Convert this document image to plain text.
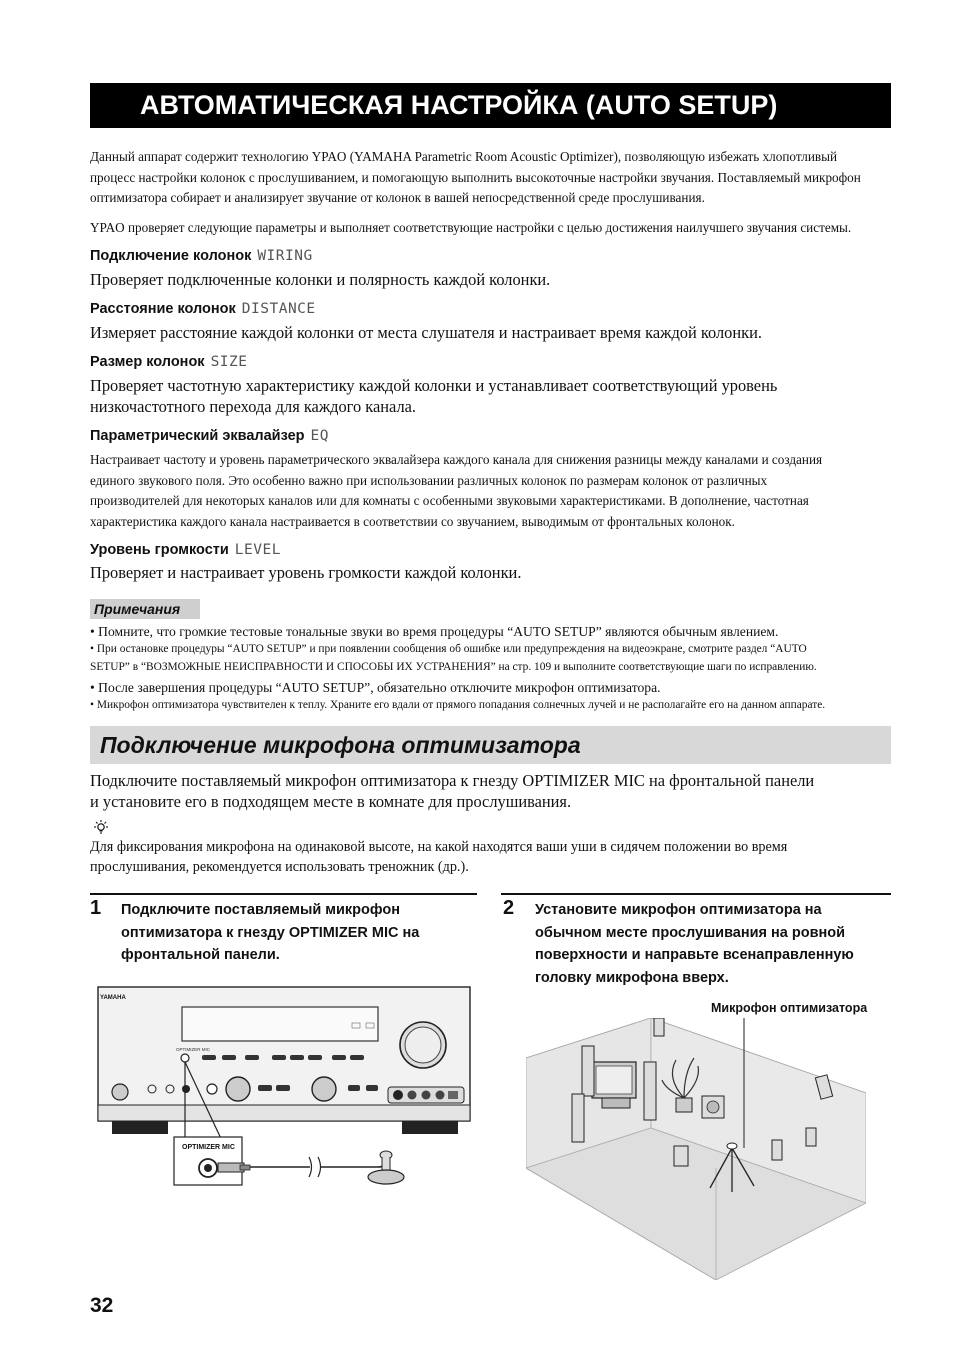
АВТОМАТИЧЕСКАЯ НАСТРОЙКА (AUTO SETUP)
Данный аппарат содержит технологию YPAO (YAMAHA Parametric Room Acoustic Optimizer), позволяющую избежать хлопотливый
процесс настройки колонок с прослушиванием, и помогающую выполнить высокоточные настройки звучания. Поставляемый микрофон
оптимизатора собирает и анализирует звучание от колонок в вашей непосредственной среде прослушивания.
YPAO проверяет следующие параметры и выполняет соответствующие настройки с целью достижения наилучшего звучания системы.
Подключение колонок WIRING
Проверяет подключенные колонки и полярность каждой колонки.
Расстояние колонок DISTANCE
Измеряет расстояние каждой колонки от места слушателя и настраивает время каждой колонки.
Размер колонок SIZE
Проверяет частотную характеристику каждой колонки и устанавливает соответствующий уровень
низкочастотного перехода для каждого канала.
Параметрический эквалайзер EQ
Настраивает частоту и уровень параметрического эквалайзера каждого канала для снижения разницы между каналами и создания
единого звукового поля. Это особенно важно при использовании различных колонок по размерам колонок от различных
производителей для некоторых каналов или для комнаты с особенными звуковыми характеристиками. В дополнение, частотная
характеристика каждого канала настраивается в соответствии со звучанием, выводимым от фронтальных колонок.
Уровень громкости LEVEL
Проверяет и настраивает уровень громкости каждой колонки.
Примечания
• Помните, что громкие тестовые тональные звуки во время процедуры “AUTO SETUP” являются обычным явлением.
• При остановке процедуры “AUTO SETUP” и при появлении сообщения об ошибке или предупреждения на видеоэкране, смотрите раздел “AUTO
SETUP” в “ВОЗМОЖНЫЕ НЕИСПРАВНОСТИ И СПОСОБЫ ИХ УСТРАНЕНИЯ” на стр. 109 и выполните соответствующие шаги по исправлению.
• После завершения процедуры “AUTO SETUP”, обязательно отключите микрофон оптимизатора.
• Микрофон оптимизатора чувствителен к теплу. Храните его вдали от прямого попадания солнечных лучей и не располагайте его на данном аппарате.
Подключение микрофона оптимизатора
Подключите поставляемый микрофон оптимизатора к гнезду OPTIMIZER MIC на фронтальной панели
и установите его в подходящем месте в комнате для прослушивания.
Для фиксирования микрофона на одинаковой высоте, на какой находятся ваши уши в сидячем положении во время
прослушивания, рекомендуется использовать треножник (др.).
1 Подключите поставляемый микрофон
оптимизатора к гнезду OPTIMIZER MIC на
фронтальной панели.
2 Установите микрофон оптимизатора на
обычном месте прослушивания на ровной
поверхности и направьте всенаправленную
головку микрофона вверх.
YAMAHA
OPTIMIZER MIC
OPTIMIZER MIC
Микрофон оптимизатора
32
